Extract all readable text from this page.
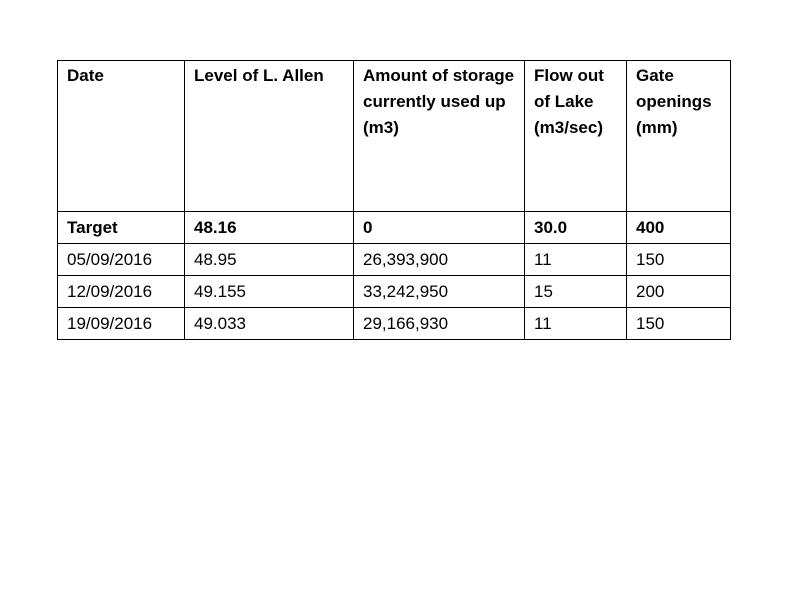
Date	Level of L. Allen	Amount of storage currently used up (m3)	Flow out of Lake (m3/sec)	Gate openings (mm)
Target	48.16	0	30.0	400
05/09/2016	48.95	26,393,900	11	150
12/09/2016	49.155	33,242,950	15	200
19/09/2016	49.033	29,166,930	11	150
